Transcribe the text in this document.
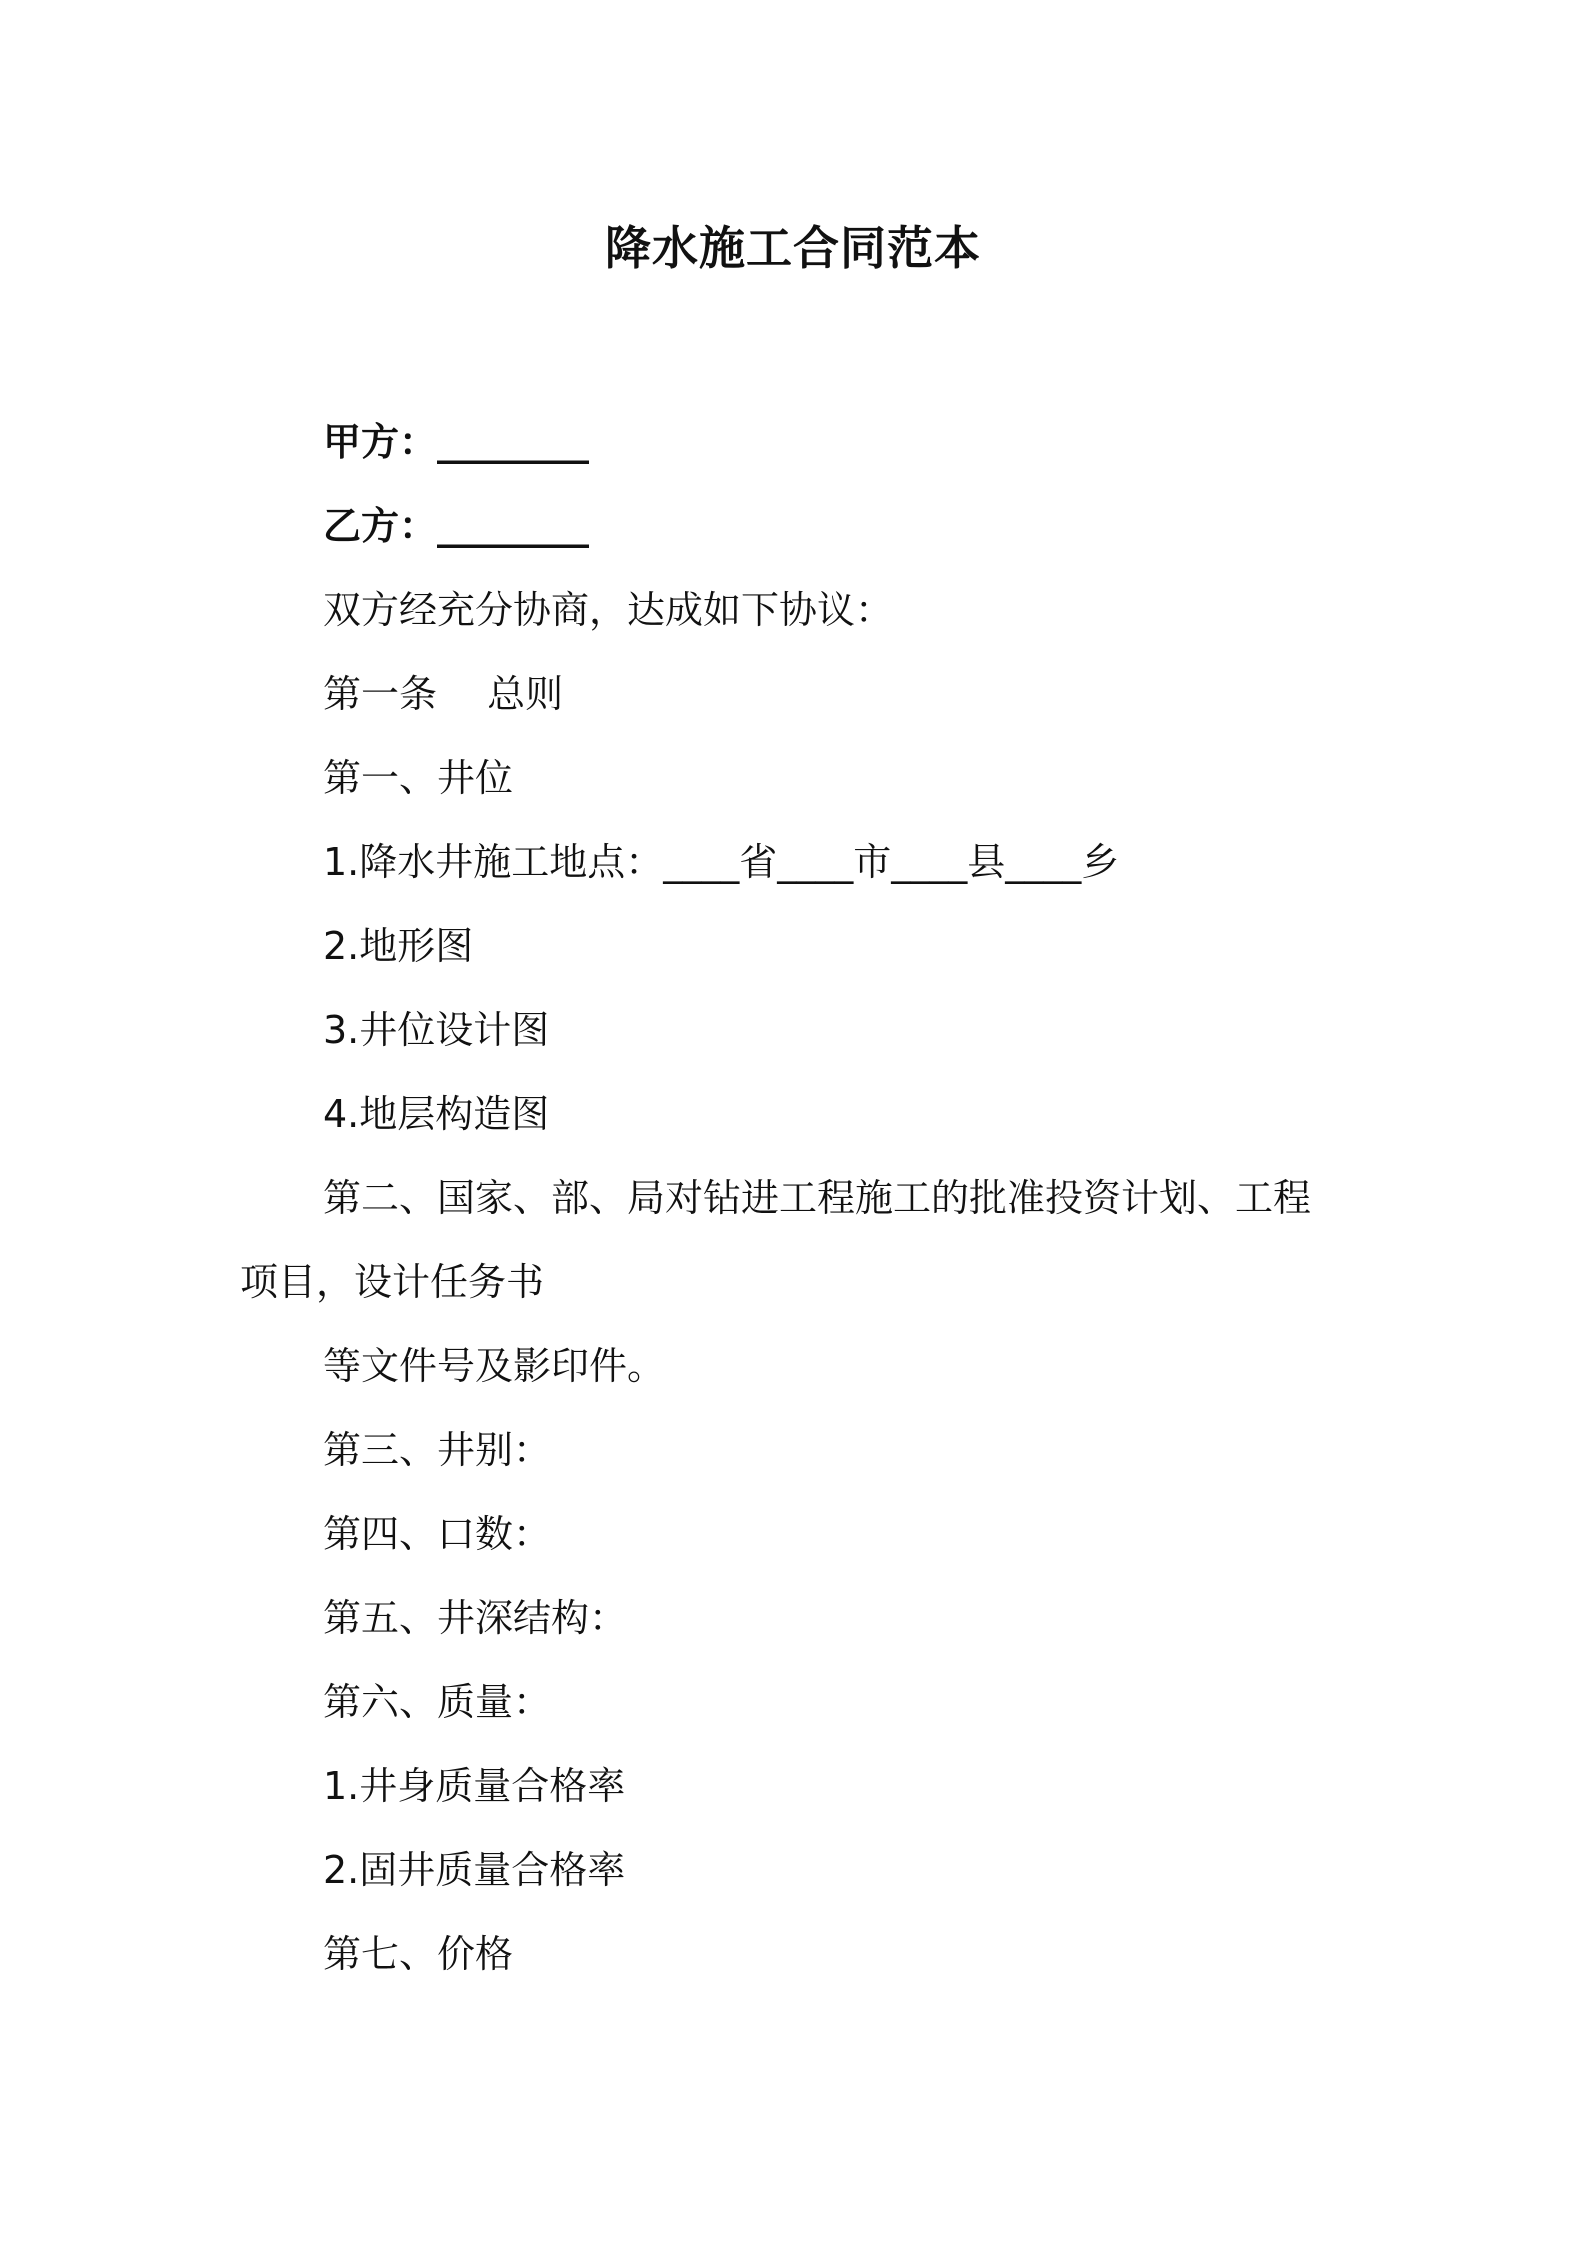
降水施工合同范本
甲方：________
乙方：________
双方经充分协商，达成如下协议：
第一条　 总则
第一、井位
1.降水井施工地点：____省____市____县____乡
2.地形图
3.井位设计图
4.地层构造图
第二、国家、部、局对钻进工程施工的批准投资计划、工程
项目，设计任务书
等文件号及影印件。
第三、井别：
第四、口数：
第五、井深结构：
第六、质量：
1.井身质量合格率
2.固井质量合格率
第七、价格
